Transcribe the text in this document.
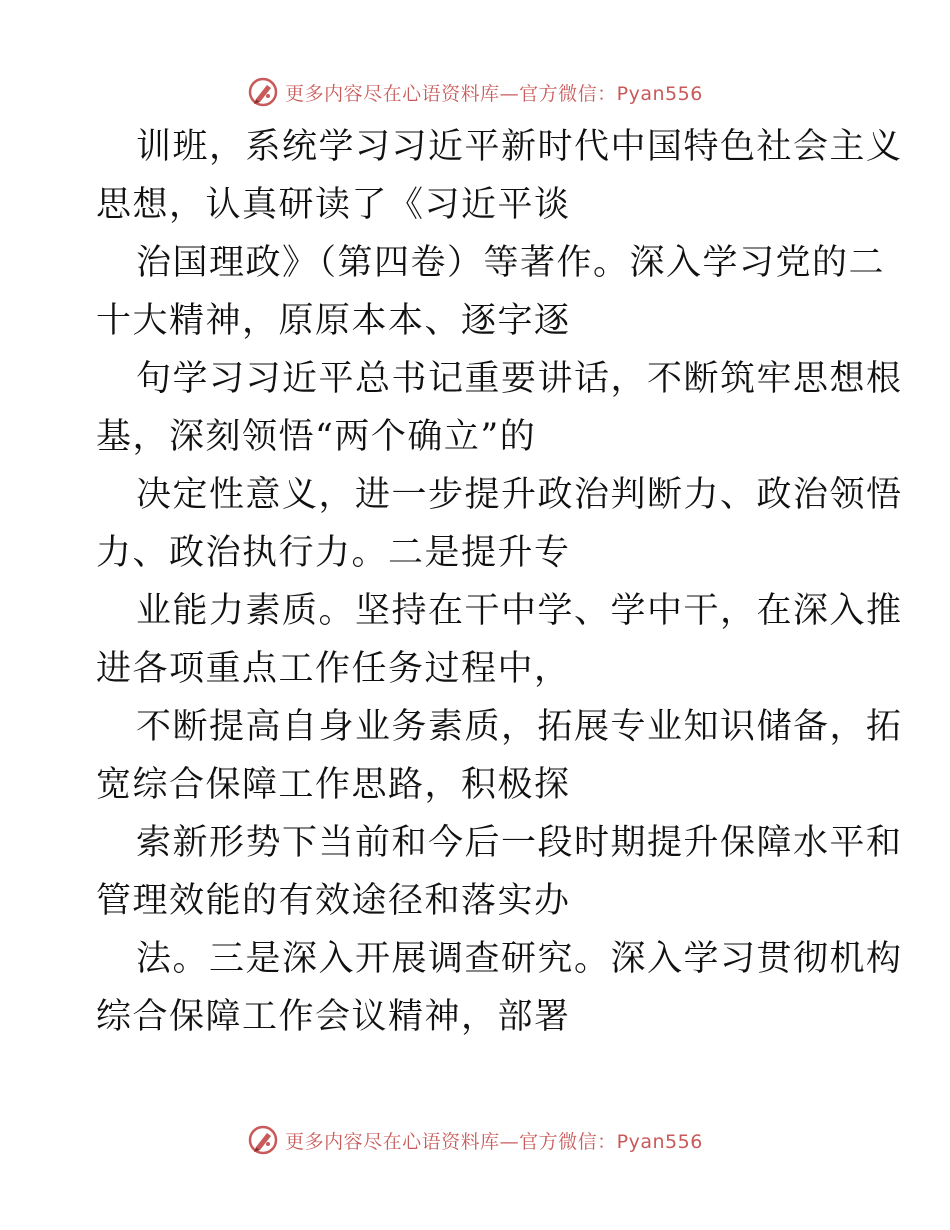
更多内容尽在心语资料库—官方微信：Pyan556
训班，系统学习习近平新时代中国特色社会主义
思想，认真研读了《习近平谈
治国理政》（第四卷）等著作。深入学习党的二
十大精神，原原本本、逐字逐
句学习习近平总书记重要讲话，不断筑牢思想根
基，深刻领悟“两个确立”的
决定性意义，进一步提升政治判断力、政治领悟
力、政治执行力。二是提升专
业能力素质。坚持在干中学、学中干，在深入推
进各项重点工作任务过程中，
不断提高自身业务素质，拓展专业知识储备，拓
宽综合保障工作思路，积极探
索新形势下当前和今后一段时期提升保障水平和
管理效能的有效途径和落实办
法。三是深入开展调查研究。深入学习贯彻机构
综合保障工作会议精神，部署
更多内容尽在心语资料库—官方微信：Pyan556
